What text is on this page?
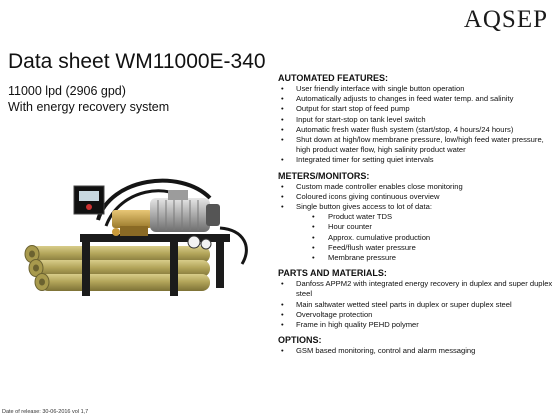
AQSEP
Data sheet WM11000E-340
11000 lpd (2906 gpd)
With energy recovery system
AUTOMATED FEATURES:
• User friendly interface with single button operation
• Automatically adjusts to changes in feed water temp. and salinity
• Output for start stop of feed pump
• Input for start-stop on tank level switch
• Automatic fresh water flush system (start/stop, 4 hours/24 hours)
• Shut down at high/low membrane pressure, low/high feed water pressure, high product water flow, high salinity product water
• Integrated timer for setting quiet intervals
METERS/MONITORS:
• Custom made controller enables close monitoring
• Coloured icons giving continuous overview
• Single button gives access to lot of data:
• Product water TDS
• Hour counter
• Approx. cumulative production
• Feed/flush water pressure
• Membrane pressure
PARTS AND MATERIALS:
• Danfoss APPM2 with integrated energy recovery in duplex and super duplex steel
• Main saltwater wetted steel parts in duplex or super duplex steel
• Overvoltage protection
• Frame in high quality PEHD polymer
OPTIONS:
• GSM based monitoring, control and alarm messaging
Date of release: 30-06-2016 vol 1,7
